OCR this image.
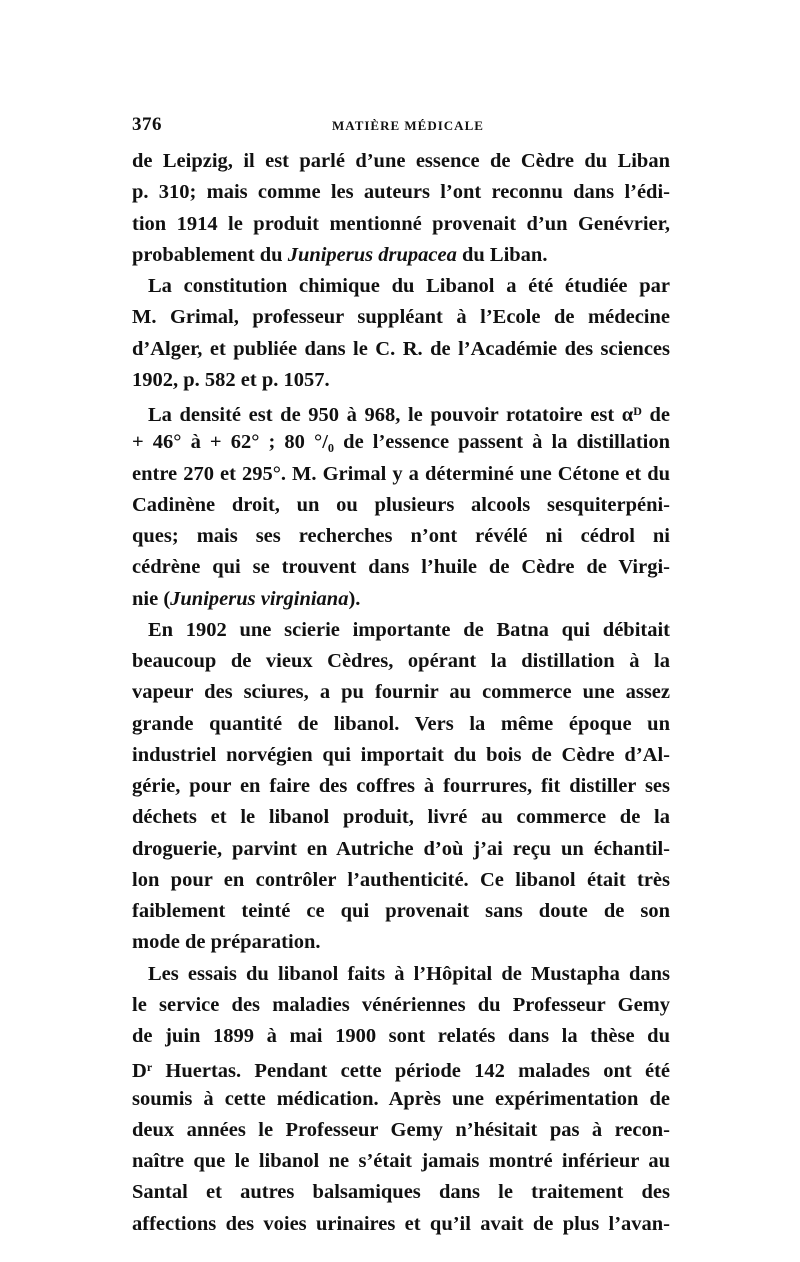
376	MATIÈRE MÉDICALE
de Leipzig, il est parlé d’une essence de Cèdre du Liban
p. 310; mais comme les auteurs l’ont reconnu dans l’édi-
tion 1914 le produit mentionné provenait d’un Genévrier,
probablement du Juniperus drupacea du Liban.
La constitution chimique du Libanol a été étudiée par
M. Grimal, professeur suppléant à l’Ecole de médecine
d’Alger, et publiée dans le C. R. de l’Académie des sciences
1902, p. 582 et p. 1057.
La densité est de 950 à 968, le pouvoir rotatoire est $\alpha^D$ de
+ 46° à + 62° ; 80 °/₀ de l’essence passent à la distillation
entre 270 et 295°. M. Grimal y a déterminé une Cétone et du
Cadinène droit, un ou plusieurs alcools sesquiterpéni-
ques; mais ses recherches n’ont révélé ni cédrol ni
cédrène qui se trouvent dans l’huile de Cèdre de Virgi-
nie (Juniperus virginiana).
En 1902 une scierie importante de Batna qui débitait
beaucoup de vieux Cèdres, opérant la distillation à la
vapeur des sciures, a pu fournir au commerce une assez
grande quantité de libanol. Vers la même époque un
industriel norvégien qui importait du bois de Cèdre d’Al-
gérie, pour en faire des coffres à fourrures, fit distiller ses
déchets et le libanol produit, livré au commerce de la
droguerie, parvint en Autriche d’où j’ai reçu un échantil-
lon pour en contrôler l’authenticité. Ce libanol était très
faiblement teinté ce qui provenait sans doute de son
mode de préparation.
Les essais du libanol faits à l’Hôpital de Mustapha dans
le service des maladies vénériennes du Professeur Gemy
de juin 1899 à mai 1900 sont relatés dans la thèse du
$D^r$ Huertas. Pendant cette période 142 malades ont été
soumis à cette médication. Après une expérimentation de
deux années le Professeur Gemy n’hésitait pas à recon-
naître que le libanol ne s’était jamais montré inférieur au
Santal et autres balsamiques dans le traitement des
affections des voies urinaires et qu’il avait de plus l’avan-
